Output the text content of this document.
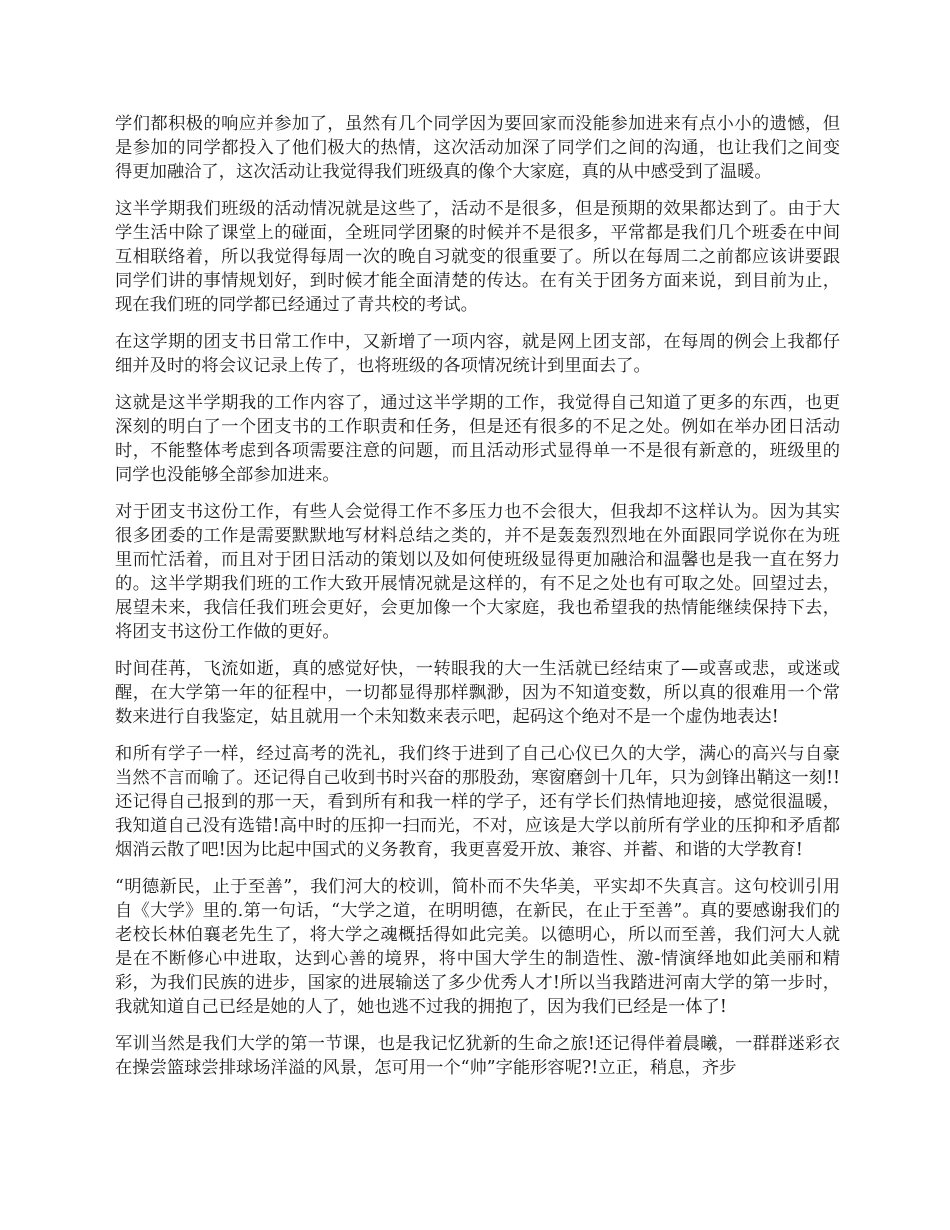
学们都积极的响应并参加了，虽然有几个同学因为要回家而没能参加进来有点小小的遗憾，但是参加的同学都投入了他们极大的热情，这次活动加深了同学们之间的沟通，也让我们之间变得更加融洽了，这次活动让我觉得我们班级真的像个大家庭，真的从中感受到了温暖。

这半学期我们班级的活动情况就是这些了，活动不是很多，但是预期的效果都达到了。由于大学生活中除了课堂上的碰面，全班同学团聚的时候并不是很多，平常都是我们几个班委在中间互相联络着，所以我觉得每周一次的晚自习就变的很重要了。所以在每周二之前都应该讲要跟同学们讲的事情规划好，到时候才能全面清楚的传达。在有关于团务方面来说，到目前为止，现在我们班的同学都已经通过了青共校的考试。

在这学期的团支书日常工作中，又新增了一项内容，就是网上团支部，在每周的例会上我都仔细并及时的将会议记录上传了，也将班级的各项情况统计到里面去了。

这就是这半学期我的工作内容了，通过这半学期的工作，我觉得自己知道了更多的东西，也更深刻的明白了一个团支书的工作职责和任务，但是还有很多的不足之处。例如在举办团日活动时，不能整体考虑到各项需要注意的问题，而且活动形式显得单一不是很有新意的，班级里的同学也没能够全部参加进来。

对于团支书这份工作，有些人会觉得工作不多压力也不会很大，但我却不这样认为。因为其实很多团委的工作是需要默默地写材料总结之类的，并不是轰轰烈烈地在外面跟同学说你在为班里而忙活着，而且对于团日活动的策划以及如何使班级显得更加融洽和温馨也是我一直在努力的。这半学期我们班的工作大致开展情况就是这样的，有不足之处也有可取之处。回望过去，展望未来，我信任我们班会更好，会更加像一个大家庭，我也希望我的热情能继续保持下去，将团支书这份工作做的更好。

时间荏苒，飞流如逝，真的感觉好快，一转眼我的大一生活就已经结束了—或喜或悲，或迷或醒，在大学第一年的征程中，一切都显得那样飘渺，因为不知道变数，所以真的很难用一个常数来进行自我鉴定，姑且就用一个未知数来表示吧，起码这个绝对不是一个虚伪地表达!

和所有学子一样，经过高考的洗礼，我们终于进到了自己心仪已久的大学，满心的高兴与自豪当然不言而喻了。还记得自己收到书时兴奋的那股劲，寒窗磨剑十几年，只为剑锋出鞘这一刻!!还记得自己报到的那一天，看到所有和我一样的学子，还有学长们热情地迎接，感觉很温暖，我知道自己没有选错!高中时的压抑一扫而光，不对，应该是大学以前所有学业的压抑和矛盾都烟消云散了吧!因为比起中国式的义务教育，我更喜爱开放、兼容、并蓄、和谐的大学教育!

“明德新民，止于至善”，我们河大的校训，简朴而不失华美，平实却不失真言。这句校训引用自《大学》里的.第一句话，“大学之道，在明明德，在新民，在止于至善”。真的要感谢我们的老校长林伯襄老先生了，将大学之魂概括得如此完美。以德明心，所以而至善，我们河大人就是在不断修心中进取，达到心善的境界，将中国大学生的制造性、激-情演绎地如此美丽和精彩，为我们民族的进步，国家的进展输送了多少优秀人才!所以当我踏进河南大学的第一步时，我就知道自己已经是她的人了，她也逃不过我的拥抱了，因为我们已经是一体了!

军训当然是我们大学的第一节课，也是我记忆犹新的生命之旅!还记得伴着晨曦，一群群迷彩衣在操尝篮球尝排球场洋溢的风景，怎可用一个“帅”字能形容呢?!立正，稍息，齐步
